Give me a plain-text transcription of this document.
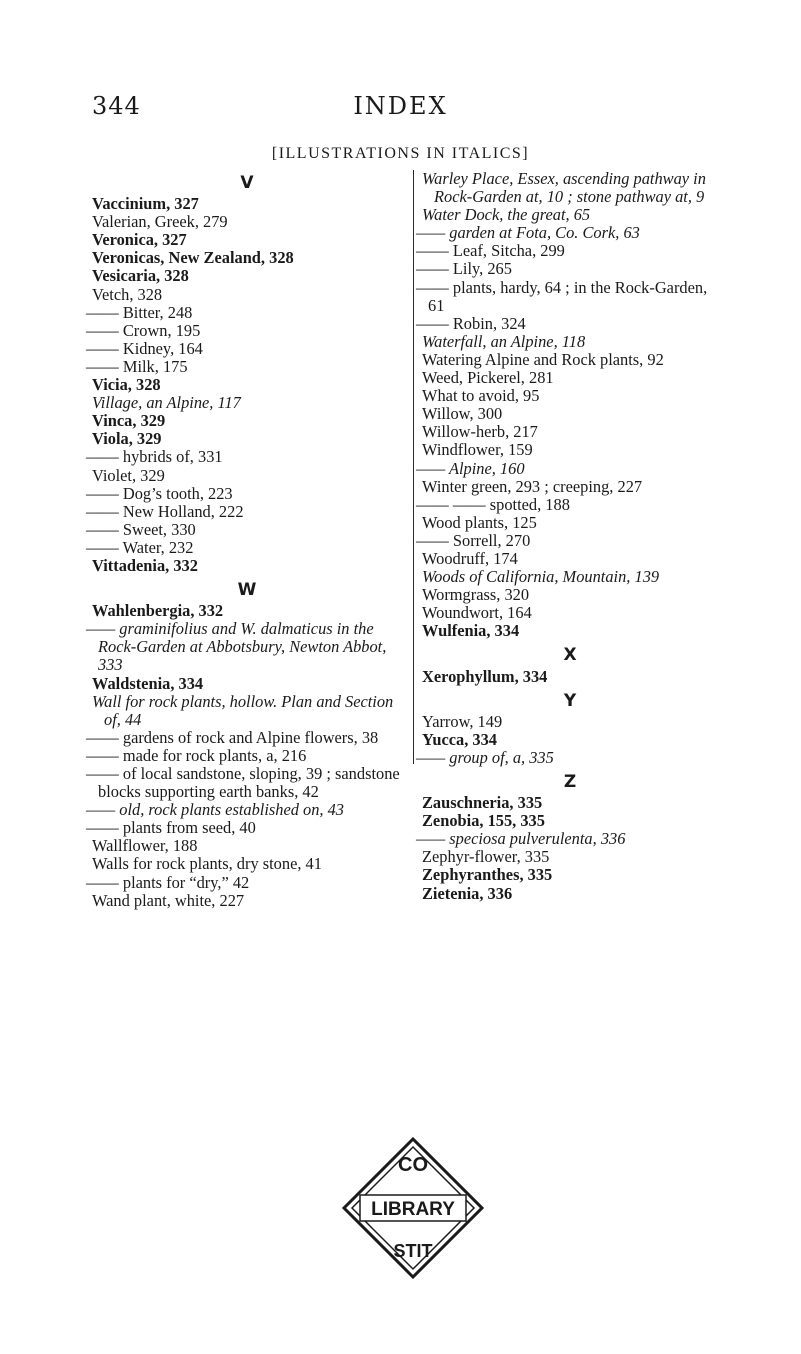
344	INDEX
[ILLUSTRATIONS IN ITALICS]
V
Vaccinium, 327
Valerian, Greek, 279
Veronica, 327
Veronicas, New Zealand, 328
Vesicaria, 328
Vetch, 328
—— Bitter, 248
—— Crown, 195
—— Kidney, 164
—— Milk, 175
Vicia, 328
Village, an Alpine, 117
Vinca, 329
Viola, 329
—— hybrids of, 331
Violet, 329
—— Dog’s tooth, 223
—— New Holland, 222
—— Sweet, 330
—— Water, 232
Vittadenia, 332
W
Wahlenbergia, 332
—— graminifolius and W. dalmaticus in the Rock-Garden at Abbotsbury, Newton Abbot, 333
Waldstenia, 334
Wall for rock plants, hollow. Plan and Section of, 44
—— gardens of rock and Alpine flowers, 38
—— made for rock plants, a, 216
—— of local sandstone, sloping, 39 ; sandstone blocks supporting earth banks, 42
—— old, rock plants established on, 43
—— plants from seed, 40
Wallflower, 188
Walls for rock plants, dry stone, 41
—— plants for “dry,” 42
Wand plant, white, 227
Warley Place, Essex, ascending pathway in Rock-Garden at, 10 ; stone pathway at, 9
Water Dock, the great, 65
—— garden at Fota, Co. Cork, 63
—— Leaf, Sitcha, 299
—— Lily, 265
—— plants, hardy, 64 ; in the Rock-Garden, 61
—— Robin, 324
Waterfall, an Alpine, 118
Watering Alpine and Rock plants, 92
Weed, Pickerel, 281
What to avoid, 95
Willow, 300
Willow-herb, 217
Windflower, 159
—— Alpine, 160
Winter green, 293 ; creeping, 227
—— —— spotted, 188
Wood plants, 125
—— Sorrell, 270
Woodruff, 174
Woods of California, Mountain, 139
Wormgrass, 320
Woundwort, 164
Wulfenia, 334
X
Xerophyllum, 334
Y
Yarrow, 149
Yucca, 334
—— group of, a, 335
Z
Zauschneria, 335
Zenobia, 155, 335
—— speciosa pulverulenta, 336
Zephyr-flower, 335
Zephyranthes, 335
Zietenia, 336
CO
LIBRARY
STIT
